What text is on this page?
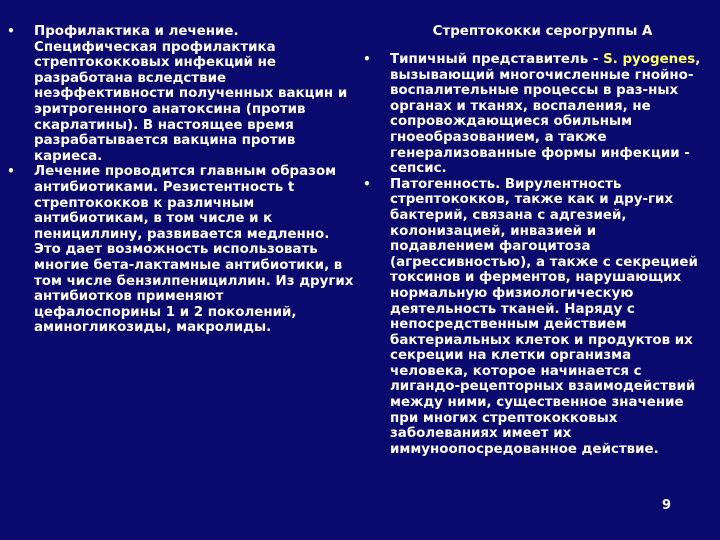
• Профилактика и лечение. Специфическая профилактика стрептококковых инфекций не разработана вследствие неэффективности полученных вакцин и эритрогенного анатоксина (против скарлатины). В настоящее время разрабатывается вакцина против кариеса.
• Лечение проводится главным образом антибиотиками. Резистентность t стрептококков к различным антибиотикам, в том числе и к пенициллину, развивается медленно. Это дает возможность использовать многие бета-лактамные антибиотики, в том числе бензилпенициллин. Из других антибиотков применяют цефалоспорины 1 и 2 поколений, аминогликозиды, макролиды.
Стрептококки серогруппы А
• Типичный представитель - S. pyogenes, вызывающий многочисленные гнойно-воспалительные процессы в раз-ных органах и тканях, воспаления, не сопровождающиеся обильным гноеобразованием, а также генерализованные формы инфекции - сепсис.
• Патогенность. Вирулентность стрептококков, также как и дру-гих бактерий, связана с адгезией, колонизацией, инвазией и подавлением фагоцитоза (агрессивностью), а также с секрецией токсинов и ферментов, нарушающих нормальную физиологическую деятельность тканей. Наряду с непосредственным действием бактериальных клеток и продуктов их секреции на клетки организма человека, которое начинается с лигандо-рецепторных взаимодействий между ними, существенное значение при многих стрептококковых заболеваниях имеет их иммуноопосредованное действие.
9
